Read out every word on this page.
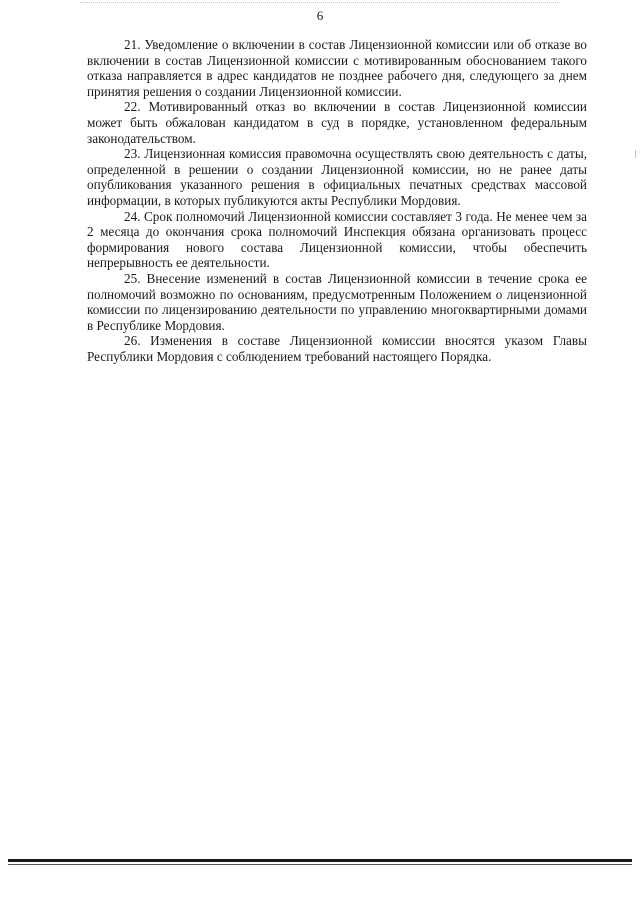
6

21. Уведомление о включении в состав Лицензионной комиссии или об отказе во включении в состав Лицензионной комиссии с мотивированным обоснованием такого отказа направляется в адрес кандидатов не позднее рабочего дня, следующего за днем принятия решения о создании Лицензионной комиссии.

22. Мотивированный отказ во включении в состав Лицензионной комиссии может быть обжалован кандидатом в суд в порядке, установленном федеральным законодательством.

23. Лицензионная комиссия правомочна осуществлять свою деятельность с даты, определенной в решении о создании Лицензионной комиссии, но не ранее даты опубликования указанного решения в официальных печатных средствах массовой информации, в которых публикуются акты Республики Мордовия.

24. Срок полномочий Лицензионной комиссии составляет 3 года. Не менее чем за 2 месяца до окончания срока полномочий Инспекция обязана организовать процесс формирования нового состава Лицензионной комиссии, чтобы обеспечить непрерывность ее деятельности.

25. Внесение изменений в состав Лицензионной комиссии в течение срока ее полномочий возможно по основаниям, предусмотренным Положением о лицензионной комиссии по лицензированию деятельности по управлению многоквартирными домами в Республике Мордовия.

26. Изменения в составе Лицензионной комиссии вносятся указом Главы Республики Мордовия с соблюдением требований настоящего Порядка.
